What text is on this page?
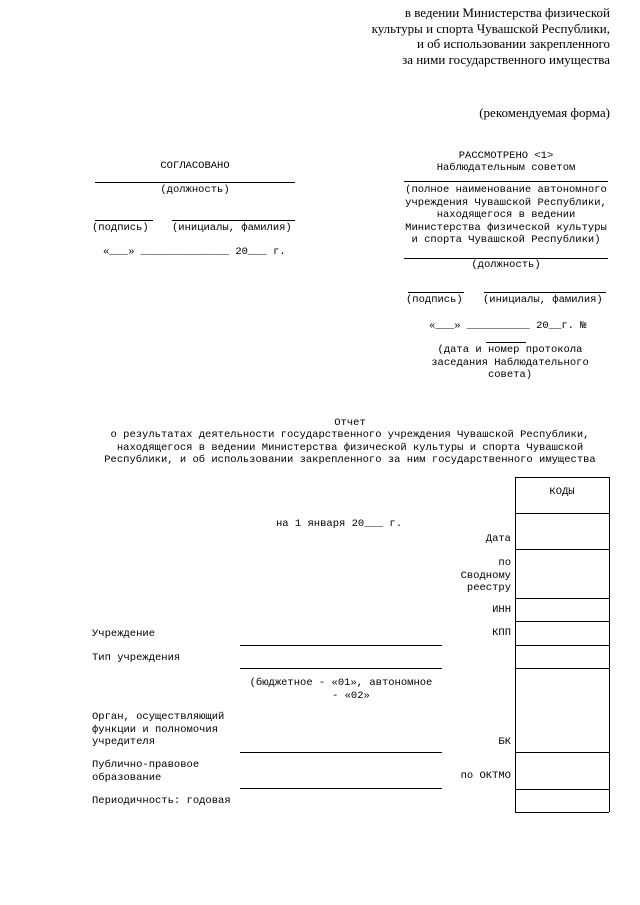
в ведении Министерства физической
культуры и спорта Чувашской Республики,
и об использовании закрепленного
за ними государственного имущества
(рекомендуемая форма)
СОГЛАСОВАНО
(должность)
(подпись) (инициалы, фамилия)
«___» ______________ 20___ г.
РАССМОТРЕНО <1>
Наблюдательным советом
(полное наименование автономного
учреждения Чувашской Республики,
находящегося в ведении
Министерства физической культуры
и спорта Чувашской Республики)
(должность)
(подпись) (инициалы, фамилия)
«___» __________ 20__г. №
(дата и номер протокола
заседания Наблюдательного
совета)
Отчет
о результатах деятельности государственного учреждения Чувашской Республики,
находящегося в ведении Министерства физической культуры и спорта Чувашской
Республики, и об использовании закрепленного за ним государственного имущества
на 1 января 20___ г.
КОДЫ
Дата
по
Сводному
реестру
ИНН
КПП
БК
по ОКТМО
Учреждение
Тип учреждения
(бюджетное - «01», автономное
- «02»
Орган, осуществляющий
функции и полномочия
учредителя
Публично-правовое
образование
Периодичность: годовая
